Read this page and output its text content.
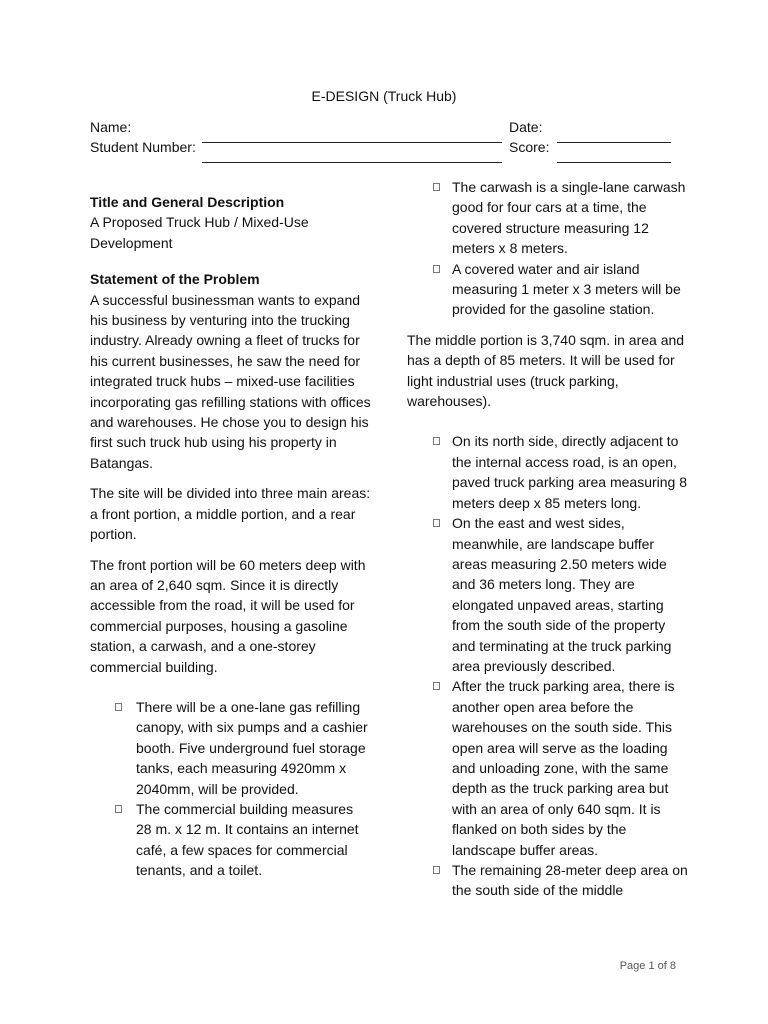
E-DESIGN (Truck Hub)
Name:
Student Number:
Date:
Score:
Title and General Description
A Proposed Truck Hub / Mixed-Use Development
Statement of the Problem

A successful businessman wants to expand his business by venturing into the trucking industry. Already owning a fleet of trucks for his current businesses, he saw the need for integrated truck hubs – mixed-use facilities incorporating gas refilling stations with offices and warehouses. He chose you to design his first such truck hub using his property in Batangas.

The site will be divided into three main areas: a front portion, a middle portion, and a rear portion.

The front portion will be 60 meters deep with an area of 2,640 sqm. Since it is directly accessible from the road, it will be used for commercial purposes, housing a gasoline station, a carwash, and a one-storey commercial building.

There will be a one-lane gas refilling canopy, with six pumps and a cashier booth. Five underground fuel storage tanks, each measuring 4920mm x 2040mm, will be provided.
The commercial building measures 28 m. x 12 m. It contains an internet café, a few spaces for commercial tenants, and a toilet.
The carwash is a single-lane carwash good for four cars at a time, the covered structure measuring 12 meters x 8 meters.
A covered water and air island measuring 1 meter x 3 meters will be provided for the gasoline station.

The middle portion is 3,740 sqm. in area and has a depth of 85 meters. It will be used for light industrial uses (truck parking, warehouses).

On its north side, directly adjacent to the internal access road, is an open, paved truck parking area measuring 8 meters deep x 85 meters long.
On the east and west sides, meanwhile, are landscape buffer areas measuring 2.50 meters wide and 36 meters long. They are elongated unpaved areas, starting from the south side of the property and terminating at the truck parking area previously described.
After the truck parking area, there is another open area before the warehouses on the south side. This open area will serve as the loading and unloading zone, with the same depth as the truck parking area but with an area of only 640 sqm. It is flanked on both sides by the landscape buffer areas.
The remaining 28-meter deep area on the south side of the middle
Page 1 of 8
